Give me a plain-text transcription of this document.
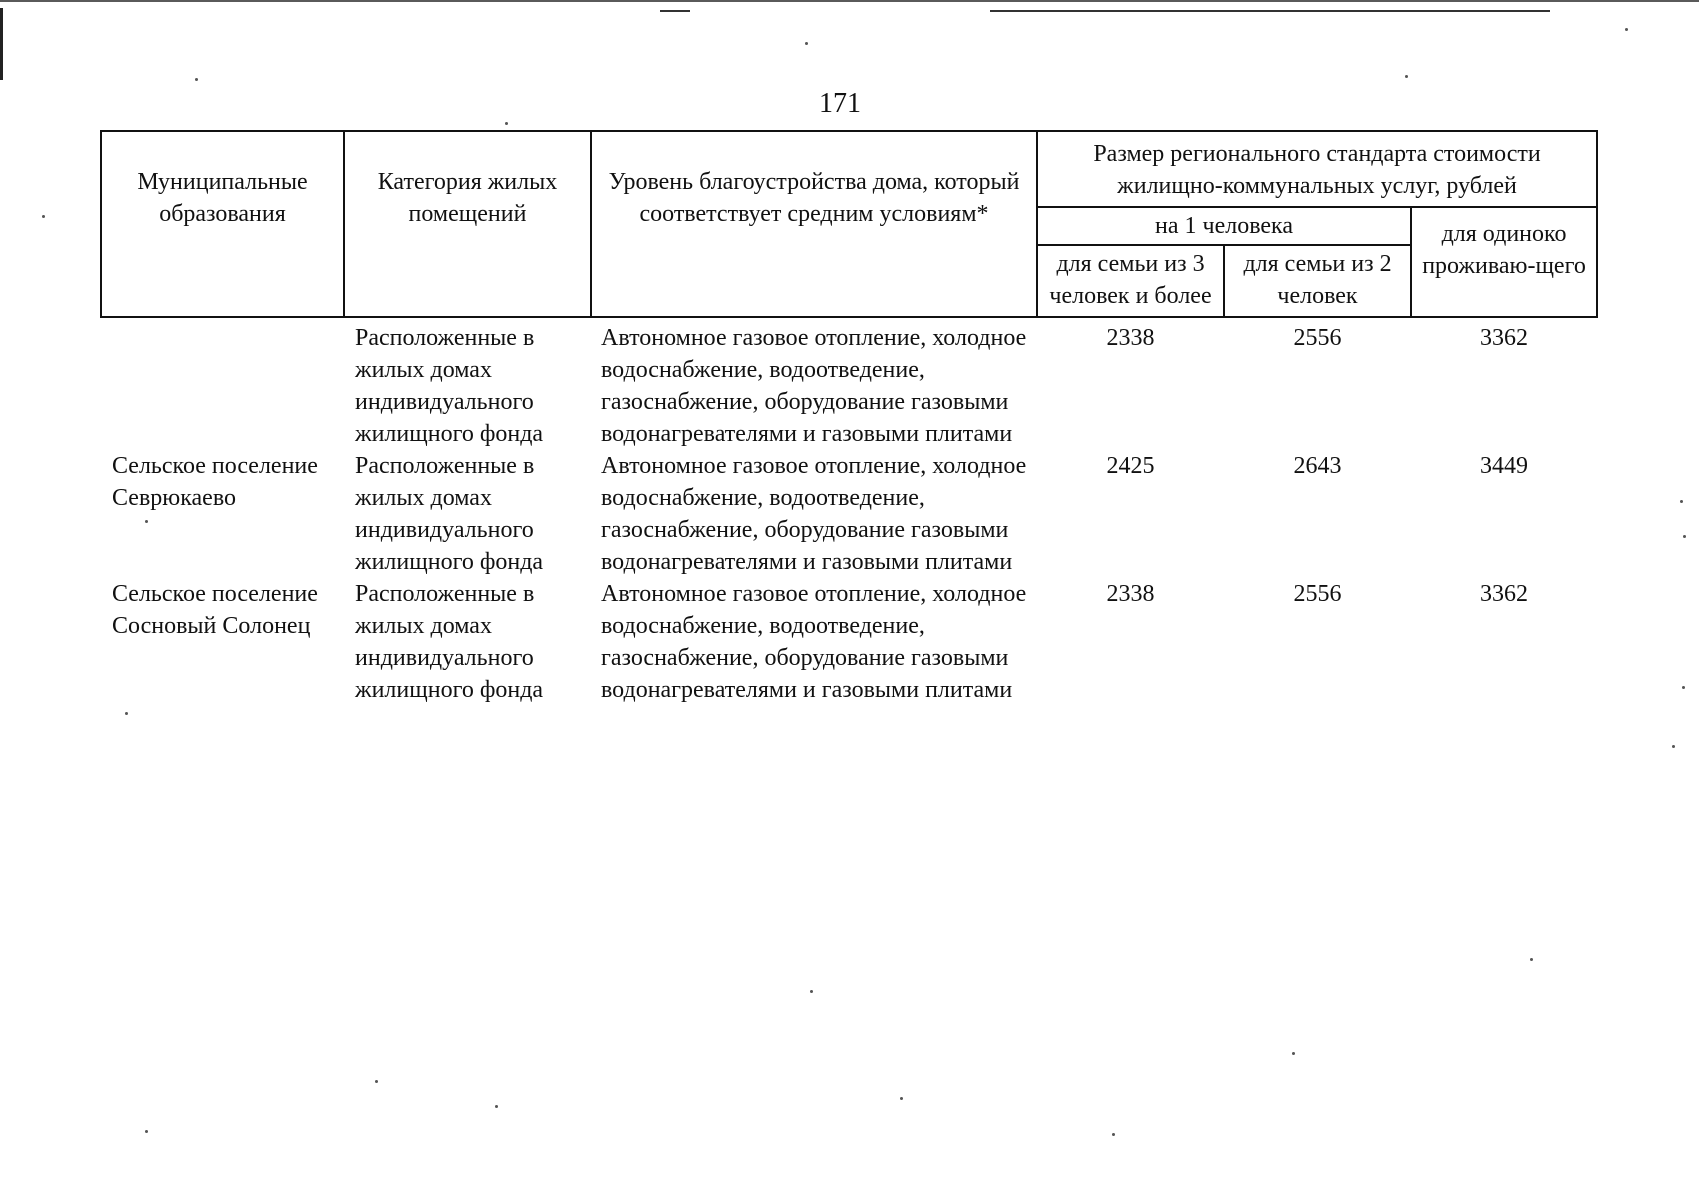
171
Муниципальные образования	Категория жилых помещений	Уровень благоустройства дома, который соответствует средним условиям*	Размер регионального стандарта стоимости жилищно-коммунальных услуг, рублей		
			на 1 человека		для одиноко проживаю-щего
			для семьи из 3 человек и более	для семьи из 2 человек	
	Расположенные в жилых домах индивидуального жилищного фонда	Автономное газовое отопление, холодное водоснабжение, водоотведение, газоснабжение, оборудование газовыми водонагревателями и газовыми плитами	2338	2556	3362
Сельское поселение Севрюкаево	Расположенные в жилых домах индивидуального жилищного фонда	Автономное газовое отопление, холодное водоснабжение, водоотведение, газоснабжение, оборудование газовыми водонагревателями и газовыми плитами	2425	2643	3449
Сельское поселение Сосновый Солонец	Расположенные в жилых домах индивидуального жилищного фонда	Автономное газовое отопление, холодное водоснабжение, водоотведение, газоснабжение, оборудование газовыми водонагревателями и газовыми плитами	2338	2556	3362
